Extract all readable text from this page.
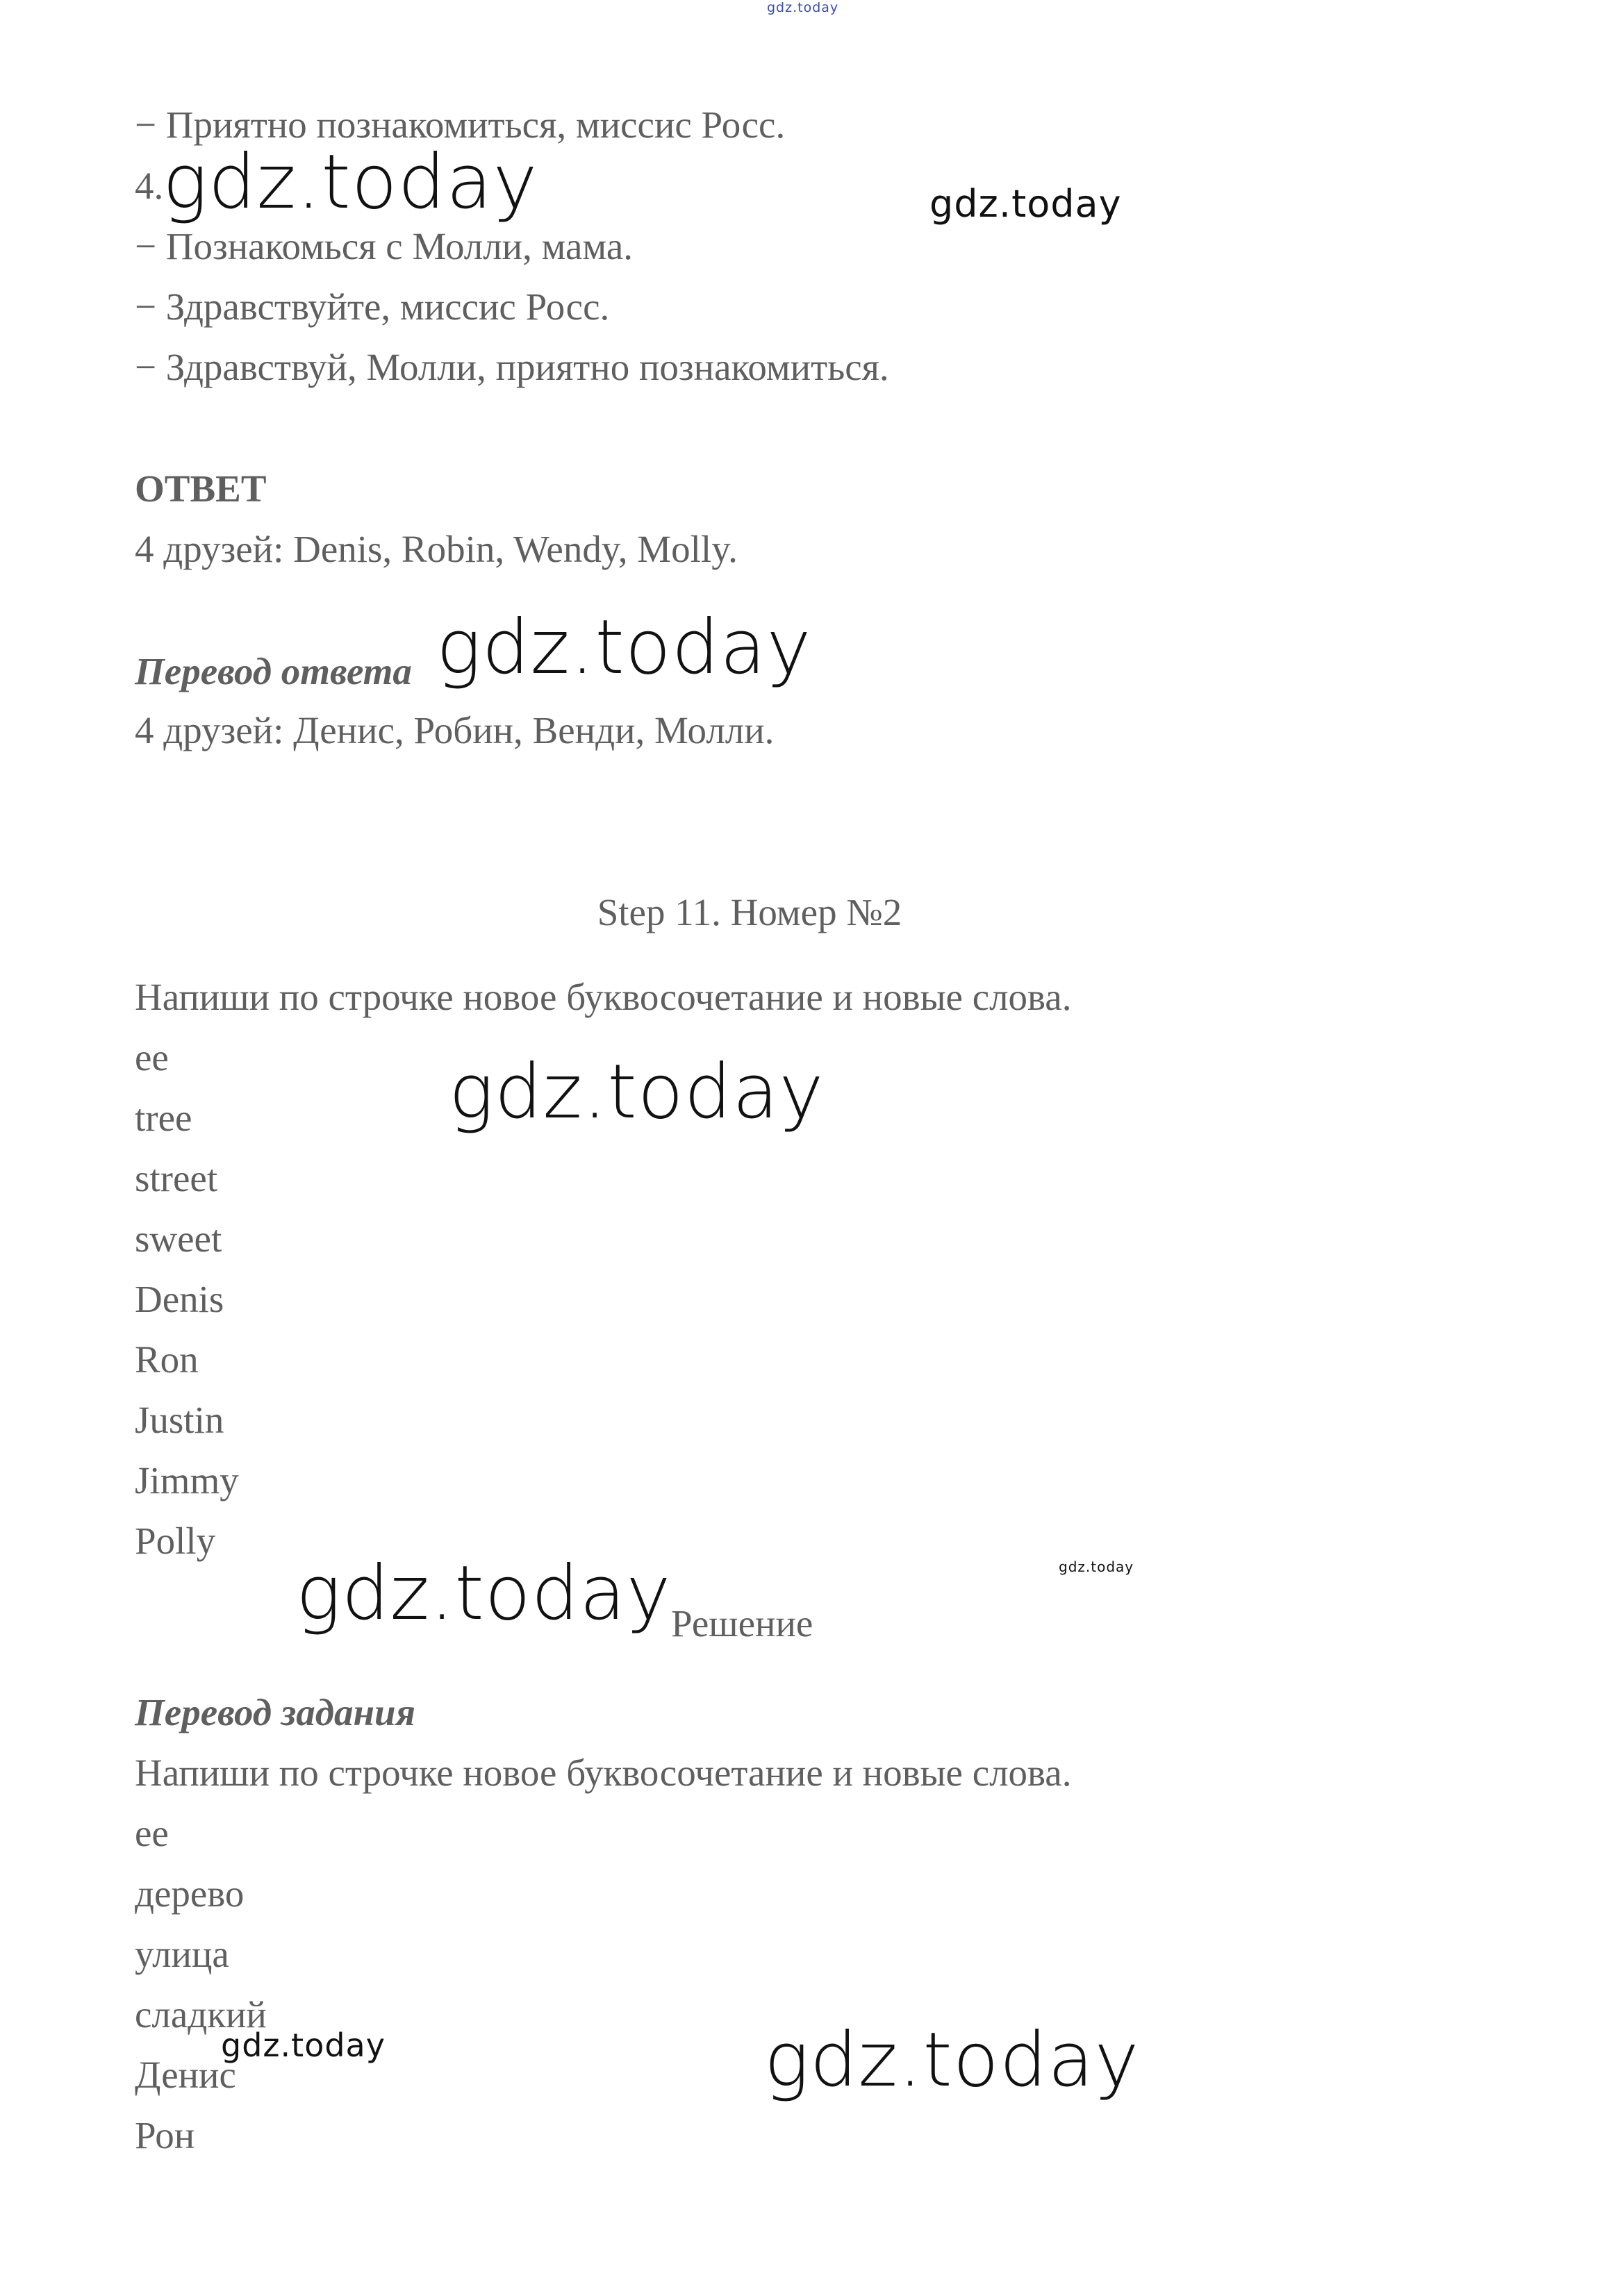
gdz.today
− Приятно познакомиться, миссис Росс.
4.
gdz.today	gdz.today
− Познакомься с Молли, мама.
− Здравствуйте, миссис Росс.
− Здравствуй, Молли, приятно познакомиться.
ОТВЕТ
4 друзей: Denis, Robin, Wendy, Molly.
Перевод ответа gdz.today
4 друзей: Денис, Робин, Венди, Молли.
Step 11. Номер №2
Напиши по строчке новое буквосочетание и новые слова.
ee
tree	gdz.today
street
sweet
Denis
Ron
Justin
Jimmy
Polly
gdz.today
gdz.today Решение
Перевод задания
Напиши по строчке новое буквосочетание и новые слова.
ee
дерево
улица
сладкий
gdz.today
Денис	gdz.today
Рон
